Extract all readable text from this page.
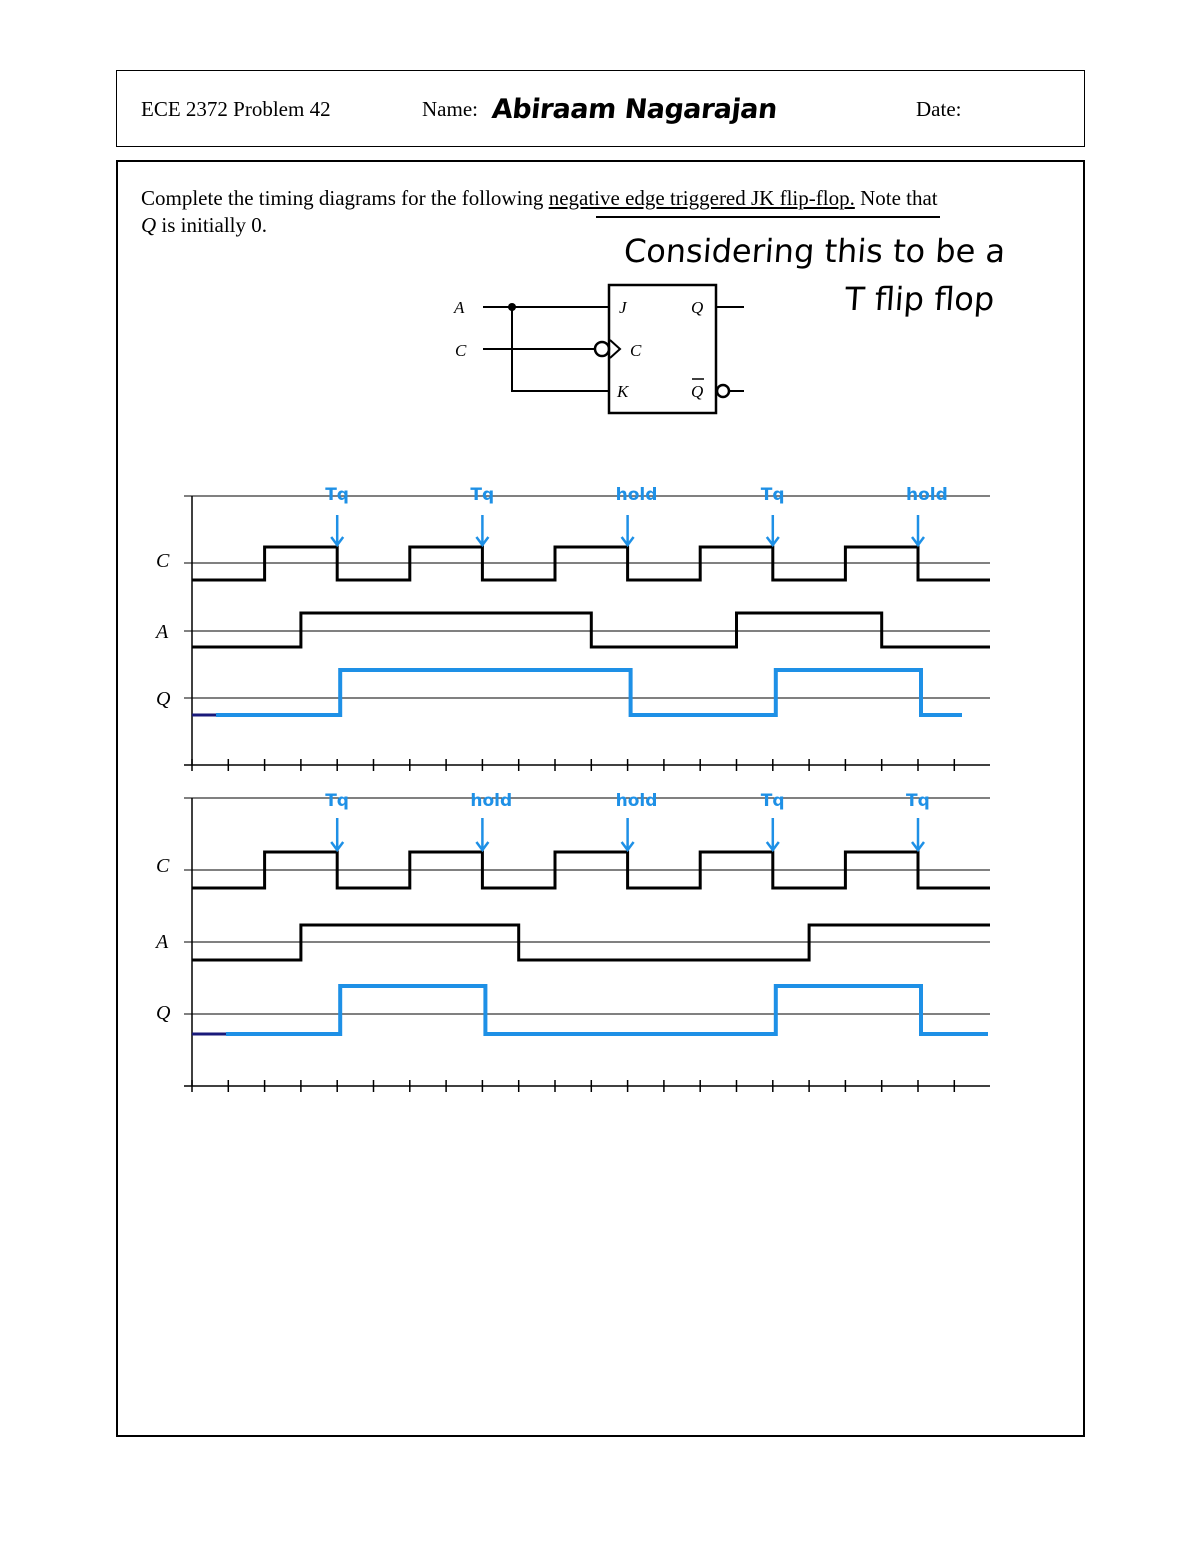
ECE 2372 Problem 42	Name: Abiraam Nagarajan	Date:
Complete the timing diagrams for the following negative edge triggered JK flip-flop. Note that
Q is initially 0.
Considering this to be a
T flip flop
A
C
J
C
K
Q
Q
C
A
Q
Tq	Tq	hold	Tq	hold
C
A
Q
Tq	hold	hold	Tq	Tq
